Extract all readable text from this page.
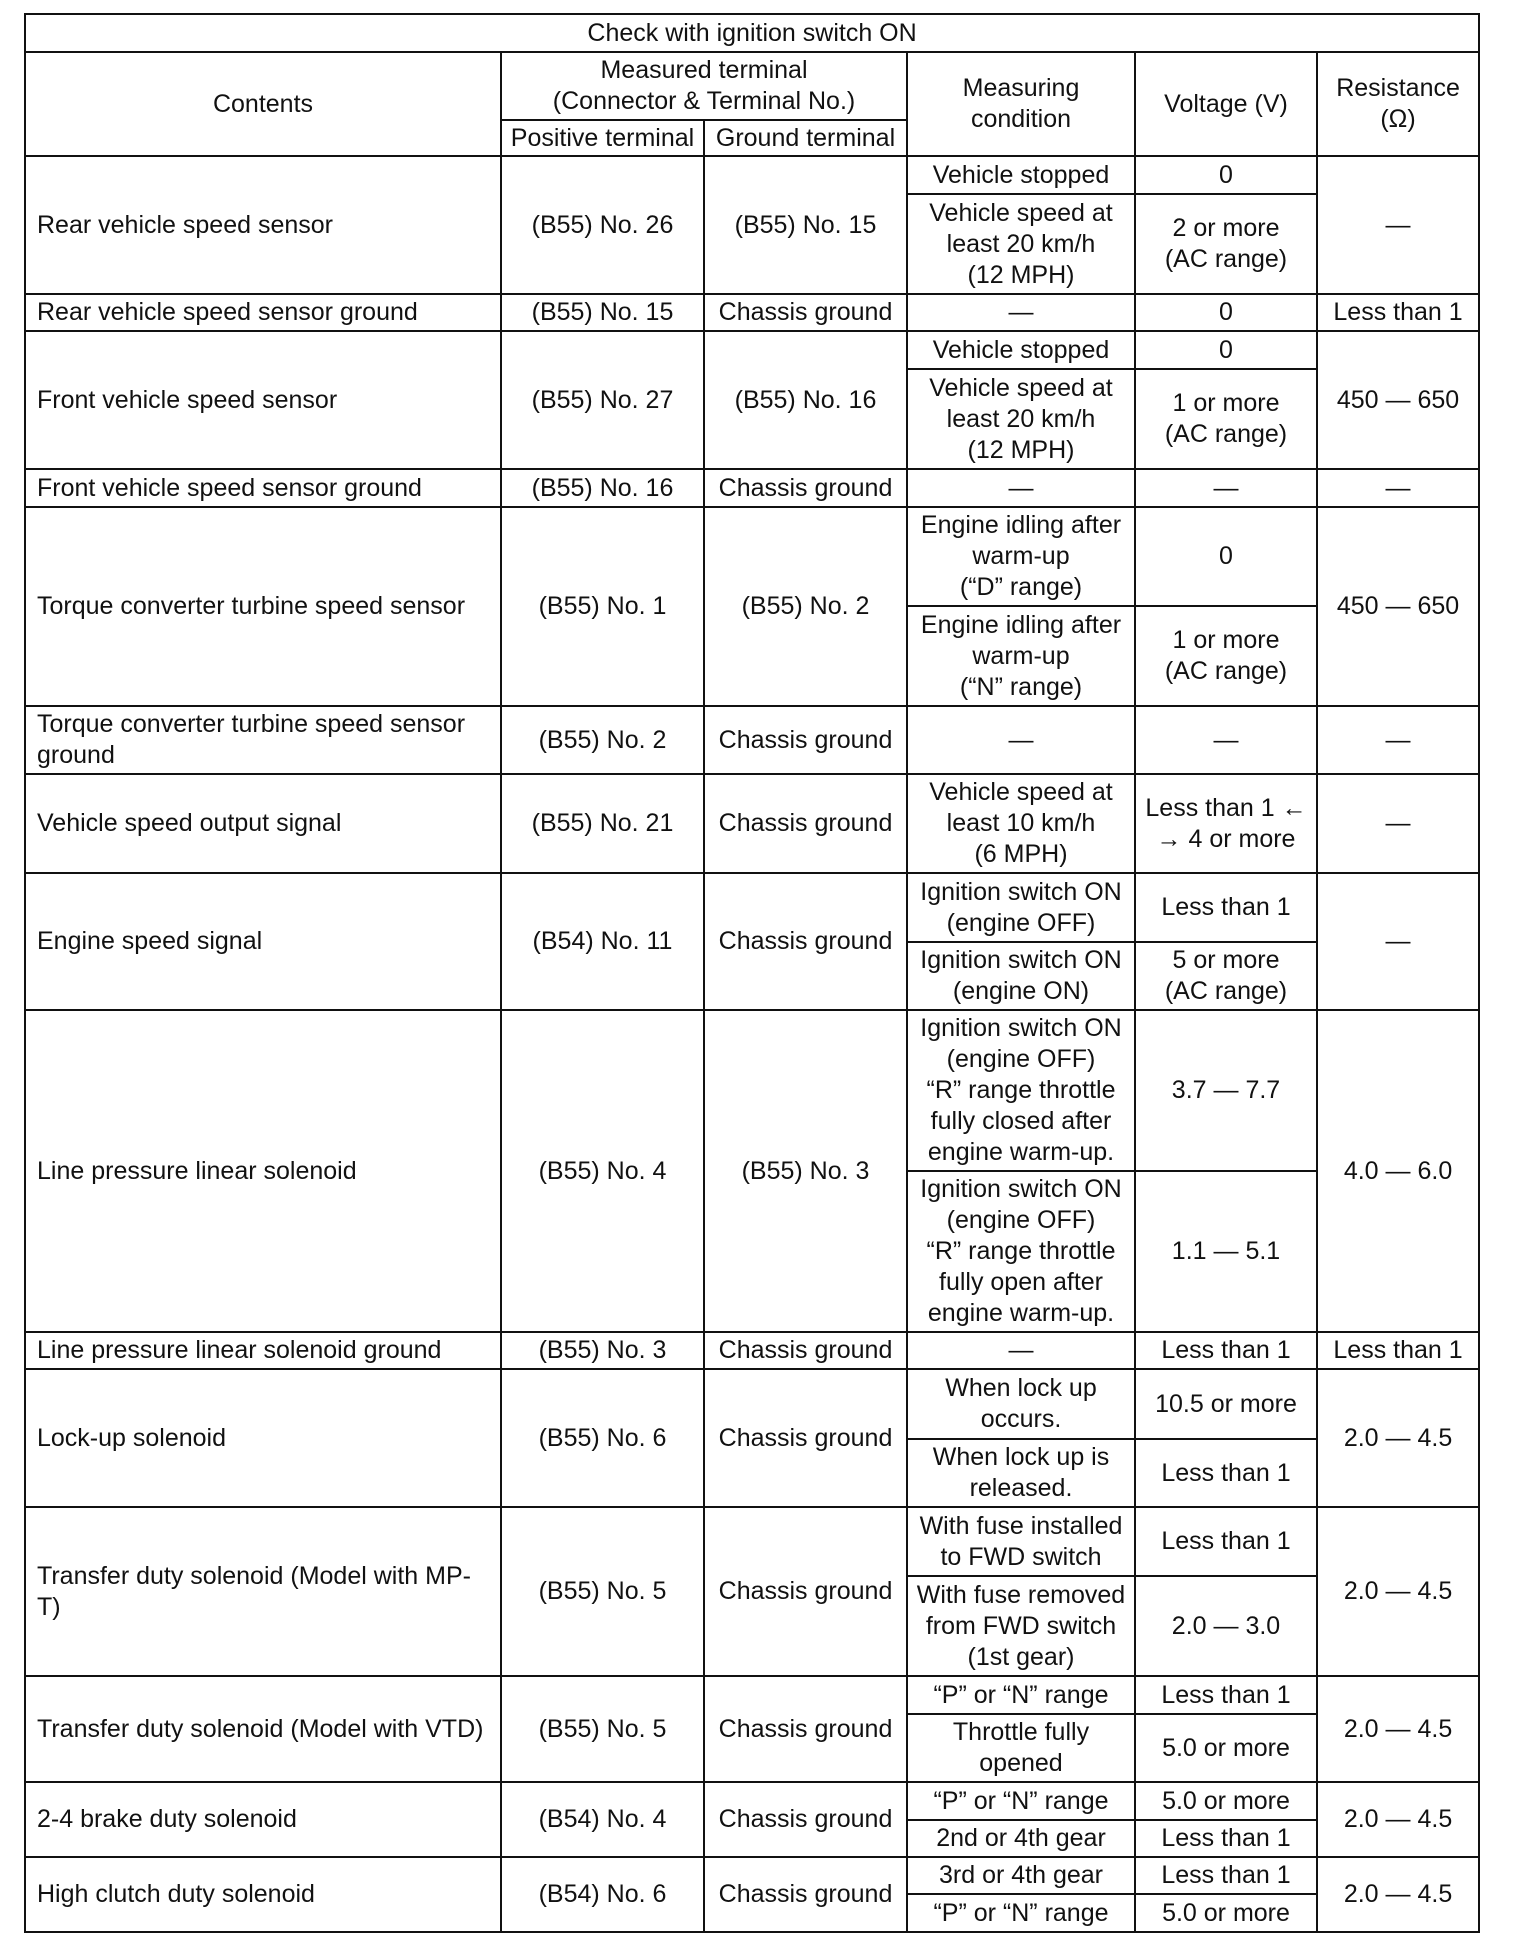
Check with ignition switch ON					
Contents	Measured terminal
(Connector & Terminal No.)		Measuring
condition	Voltage (V)	Resistance
(Ω)

	Positive terminal	Ground terminal			

Rear vehicle speed sensor	(B55) No. 26	(B55) No. 15	Vehicle stopped	0	—

			Vehicle speed at
least 20 km/h
(12 MPH)	2 or more
(AC range)	

Rear vehicle speed sensor ground	(B55) No. 15	Chassis ground	—	0	Less than 1

Front vehicle speed sensor	(B55) No. 27	(B55) No. 16	Vehicle stopped	0	450 — 650

			Vehicle speed at
least 20 km/h
(12 MPH)	1 or more
(AC range)	

Front vehicle speed sensor ground	(B55) No. 16	Chassis ground	—	—	—

Torque converter turbine speed sensor	(B55) No. 1	(B55) No. 2	Engine idling after
warm-up
(“D” range)	0	450 — 650

			Engine idling after
warm-up
(“N” range)	1 or more
(AC range)	

Torque converter turbine speed sensor
ground	(B55) No. 2	Chassis ground	—	—	—

Vehicle speed output signal	(B55) No. 21	Chassis ground	Vehicle speed at
least 10 km/h
(6 MPH)	Less than 1 ←
→ 4 or more	—

Engine speed signal	(B54) No. 11	Chassis ground	Ignition switch ON
(engine OFF)	Less than 1	—

			Ignition switch ON
(engine ON)	5 or more
(AC range)	

Line pressure linear solenoid	(B55) No. 4	(B55) No. 3	Ignition switch ON
(engine OFF)
“R” range throttle
fully closed after
engine warm-up.	3.7 — 7.7	4.0 — 6.0

			Ignition switch ON
(engine OFF)
“R” range throttle
fully open after
engine warm-up.	1.1 — 5.1	

Line pressure linear solenoid ground	(B55) No. 3	Chassis ground	—	Less than 1	Less than 1

Lock-up solenoid	(B55) No. 6	Chassis ground	When lock up
occurs.	10.5 or more	2.0 — 4.5

			When lock up is
released.	Less than 1	

Transfer duty solenoid (Model with MP-T)	(B55) No. 5	Chassis ground	With fuse installed
to FWD switch	Less than 1	2.0 — 4.5

			With fuse removed
from FWD switch
(1st gear)	2.0 — 3.0	

Transfer duty solenoid (Model with VTD)	(B55) No. 5	Chassis ground	“P” or “N” range	Less than 1	2.0 — 4.5

			Throttle fully
opened	5.0 or more	

2-4 brake duty solenoid	(B54) No. 4	Chassis ground	“P” or “N” range	5.0 or more	2.0 — 4.5

			2nd or 4th gear	Less than 1	

High clutch duty solenoid	(B54) No. 6	Chassis ground	3rd or 4th gear	Less than 1	2.0 — 4.5

			“P” or “N” range	5.0 or more	
